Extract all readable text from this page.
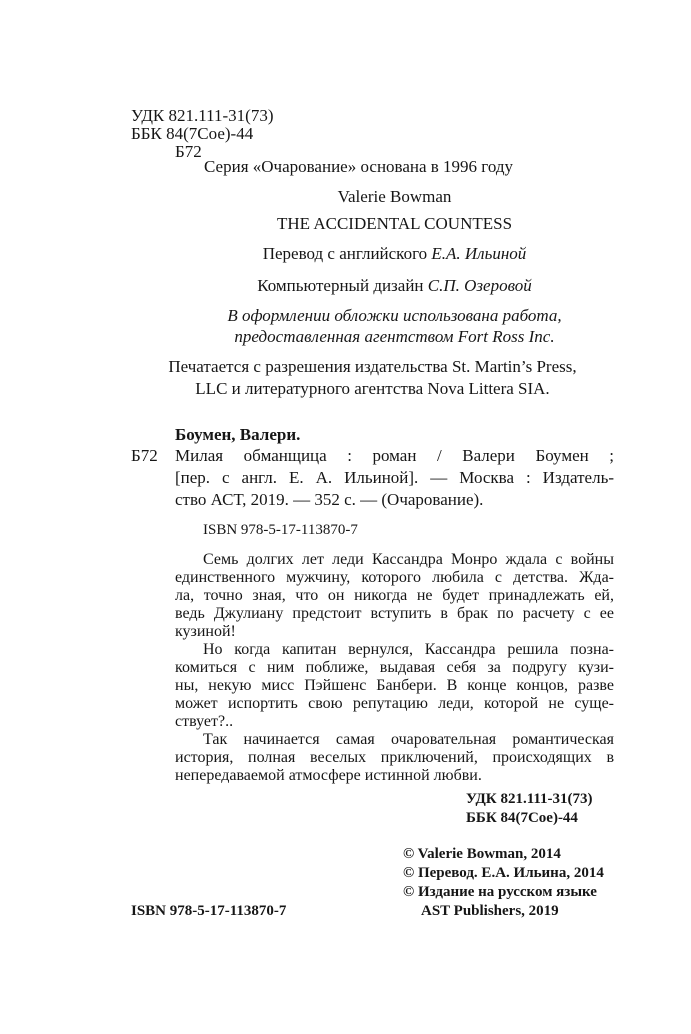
УДК 821.111-31(73)
ББК 84(7Сое)-44
Б72
Серия «Очарование» основана в 1996 году
Valerie Bowman
THE ACCIDENTAL COUNTESS
Перевод с английского Е.А. Ильиной
Компьютерный дизайн С.П. Озеровой
В оформлении обложки использована работа,
предоставленная агентством Fort Ross Inc.
Печатается с разрешения издательства St. Martin’s Press,
LLC и литературного агентства Nova Littera SIA.
Боумен, Валери.
Б72 Милая обманщица : роман / Валери Боумен ;
[пер. с англ. Е. А. Ильиной]. — Москва : Издатель-
ство АСТ, 2019. — 352 с. — (Очарование).
ISBN 978-5-17-113870-7
Семь долгих лет леди Кассандра Монро ждала с войны
единственного мужчину, которого любила с детства. Жда-
ла, точно зная, что он никогда не будет принадлежать ей,
ведь Джулиану предстоит вступить в брак по расчету с ее
кузиной!
Но когда капитан вернулся, Кассандра решила позна-
комиться с ним поближе, выдавая себя за подругу кузи-
ны, некую мисс Пэйшенс Банбери. В конце концов, разве
может испортить свою репутацию леди, которой не суще-
ствует?..
Так начинается самая очаровательная романтическая
история, полная веселых приключений, происходящих в
непередаваемой атмосфере истинной любви.
УДК 821.111-31(73)
ББК 84(7Сое)-44
© Valerie Bowman, 2014
© Перевод. Е.А. Ильина, 2014
© Издание на русском языке
AST Publishers, 2019
ISBN 978-5-17-113870-7
